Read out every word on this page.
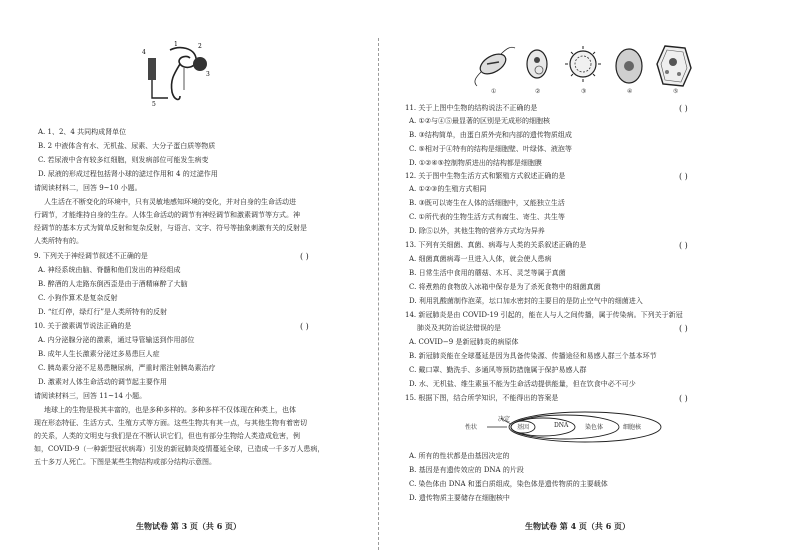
1	2
3
4
5
A. 1、2、4 共同构成肾单位
B. 2 中液体含有水、无机盐、尿素、大分子蛋白质等物质
C. 若尿液中含有较多红细胞，则发病部位可能发生病变
D. 尿液的形成过程包括肾小球的滤过作用和 4 的过滤作用
请阅读材料二，回答 9~10 小题。
人生活在不断变化的环境中，只有灵敏地感知环境的变化，并对自身的生命活动进
行调节，才能维持自身的生存。人体生命活动的调节有神经调节和激素调节等方式。神
经调节的基本方式为简单反射和复杂反射，与语言、文字、符号等抽象刺激有关的反射是
人类所特有的。
9. 下列关于神经调节叙述不正确的是	( )
A. 神经系统由脑、脊髓和他们发出的神经组成
B. 醉酒的人走路东倒西歪是由于酒精麻醉了大脑
C. 小狗作算术是复杂反射
D. “红灯停，绿灯行”是人类所特有的反射
10. 关于激素调节说法正确的是	( )
A. 内分泌腺分泌的激素，通过导管输送到作用部位
B. 成年人生长激素分泌过多易患巨人症
C. 胰岛素分泌不足易患糖尿病，严重时需注射胰岛素治疗
D. 激素对人体生命活动的调节起主要作用
请阅读材料三，回答 11~14 小题。
地球上的生物是极其丰富的，也是多种多样的。多种多样不仅体现在种类上，也体
现在形态特征、生活方式、生殖方式等方面。这些生物共有其一点，与其他生物有着密切
的关系，人类的文明史与我们是在不断认识它们，但也有部分生物给人类造成危害，例
如，COVID-9（一种新型冠状病毒）引发的新冠肺炎疫情蔓延全球，已造成一千多万人患病，
五十多万人死亡。下图是某些生物结构或部分结构示意图。
生物试卷 第 3 页（共 6 页）
①	②	③	④	⑤
11. 关于上图中生物的结构说法不正确的是	( )
A. ①②与④⑤最显著的区别是无成形的细胞核
B. ③结构简单，由蛋白质外壳和内部的遗传物质组成
C. ⑤相对于④特有的结构是细胞壁、叶绿体、液泡等
D. ①②④⑤控制物质进出的结构都是细胞膜
12. 关于图中生物生活方式和繁殖方式叙述正确的是	( )
A. ①②③的生殖方式相同
B. ③既可以寄生在人体的活细胞中，又能独立生活
C. ①所代表的生物生活方式有腐生、寄生、共生等
D. 除⑤以外，其他生物的营养方式均为异养
13. 下列有关细菌、真菌、病毒与人类的关系叙述正确的是	( )
A. 细菌真菌病毒一旦进入人体，就会使人患病
B. 日常生活中食用的蘑菇、木耳、灵芝等属于真菌
C. 将煮熟的食物放入冰箱中保存是为了杀死食物中的细菌真菌
D. 利用乳酸菌制作泡菜，坛口加水密封的主要目的是防止空气中的细菌进入
14. 新冠肺炎是由 COVID-19 引起的，能在人与人之间传播，属于传染病。下列关于新冠
肺炎及其防治说法错误的是	( )
A. COVID−9 是新冠肺炎的病原体
B. 新冠肺炎能在全球蔓延是因为具备传染源、传播途径和易感人群三个基本环节
C. 戴口罩、勤洗手、多通风等预防措施属于保护易感人群
D. 水、无机盐、维生素虽不能为生命活动提供能量，但在饮食中必不可少
15. 根据下图，结合所学知识，不能得出的答案是	( )
性状
决定
基因	DNA	染色体	细胞核
A. 所有的性状都是由基因决定的
B. 基因是有遗传效应的 DNA 的片段
C. 染色体由 DNA 和蛋白质组成，染色体是遗传物质的主要载体
D. 遗传物质主要储存在细胞核中
生物试卷 第 4 页（共 6 页）
